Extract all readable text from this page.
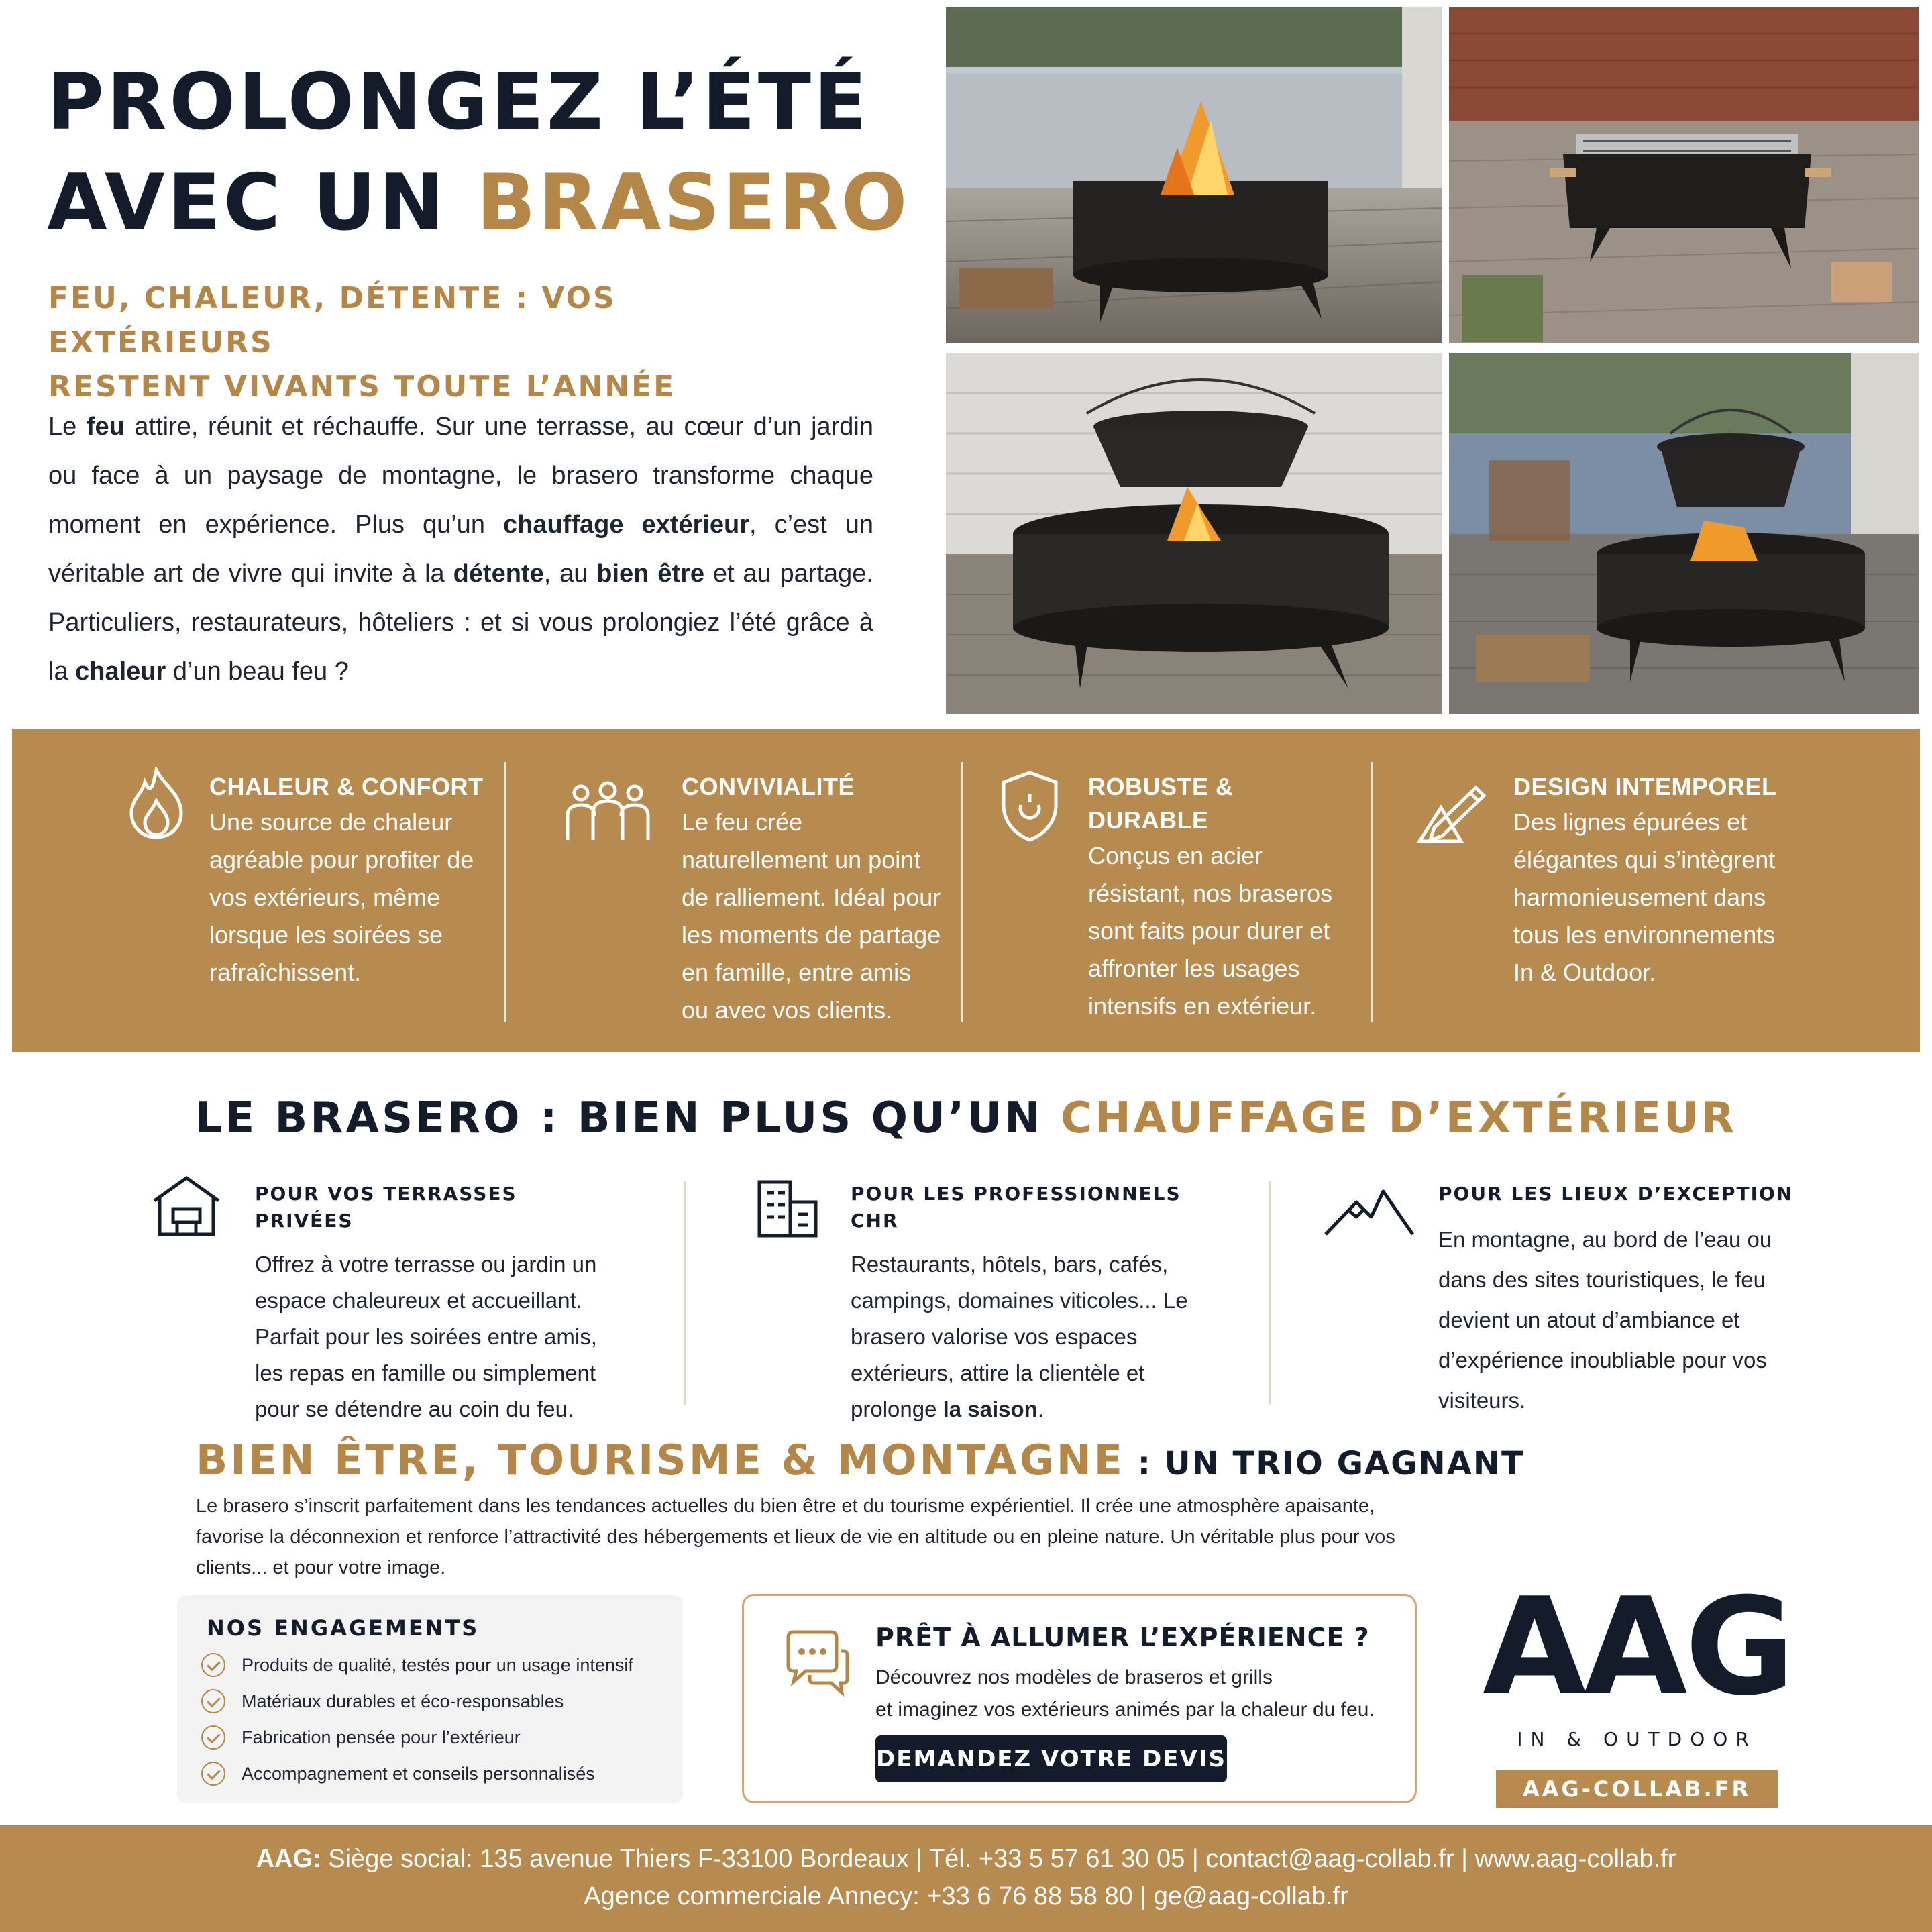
PROLONGEZ L’ÉTÉ
AVEC UN BRASERO
FEU, CHALEUR, DÉTENTE : VOS EXTÉRIEURS
RESTENT VIVANTS TOUTE L’ANNÉE
Le feu attire, réunit et réchauffe. Sur une terrasse, au cœur d’un jardin ou face à un paysage de montagne, le brasero transforme chaque moment en expérience. Plus qu’un chauffage extérieur, c’est un véritable art de vivre qui invite à la détente, au bien être et au partage. Particuliers, restaurateurs, hôteliers : et si vous prolongiez l’été grâce à la chaleur d’un beau feu ?
CHALEUR & CONFORT
Une source de chaleur agréable pour profiter de vos extérieurs, même lorsque les soirées se rafraîchissent.
CONVIVIALITÉ
Le feu crée naturellement un point de ralliement. Idéal pour les moments de partage en famille, entre amis ou avec vos clients.
ROBUSTE & DURABLE
Conçus en acier résistant, nos braseros sont faits pour durer et affronter les usages intensifs en extérieur.
DESIGN INTEMPOREL
Des lignes épurées et élégantes qui s’intègrent harmonieusement dans tous les environnements In & Outdoor.
LE BRASERO : BIEN PLUS QU’UN CHAUFFAGE D’EXTÉRIEUR
POUR VOS TERRASSES PRIVÉES
Offrez à votre terrasse ou jardin un espace chaleureux et accueillant. Parfait pour les soirées entre amis, les repas en famille ou simplement pour se détendre au coin du feu.
POUR LES PROFESSIONNELS CHR
Restaurants, hôtels, bars, cafés, campings, domaines viticoles... Le brasero valorise vos espaces extérieurs, attire la clientèle et prolonge la saison.
POUR LES LIEUX D’EXCEPTION
En montagne, au bord de l’eau ou dans des sites touristiques, le feu devient un atout d’ambiance et d’expérience inoubliable pour vos visiteurs.
BIEN ÊTRE, TOURISME & MONTAGNE : UN TRIO GAGNANT
Le brasero s’inscrit parfaitement dans les tendances actuelles du bien être et du tourisme expérientiel. Il crée une atmosphère apaisante, favorise la déconnexion et renforce l’attractivité des hébergements et lieux de vie en altitude ou en pleine nature. Un véritable plus pour vos clients... et pour votre image.
NOS ENGAGEMENTS
Produits de qualité, testés pour un usage intensif
Matériaux durables et éco-responsables
Fabrication pensée pour l’extérieur
Accompagnement et conseils personnalisés
PRÊT À ALLUMER L’EXPÉRIENCE ?
Découvrez nos modèles de braseros et grills
et imaginez vos extérieurs animés par la chaleur du feu.
DEMANDEZ VOTRE DEVIS
AAG
IN & OUTDOOR
AAG-COLLAB.FR
AAG: Siège social: 135 avenue Thiers F-33100 Bordeaux | Tél. +33 5 57 61 30 05 | contact@aag-collab.fr | www.aag-collab.fr
Agence commerciale Annecy: +33 6 76 88 58 80 | ge@aag-collab.fr
